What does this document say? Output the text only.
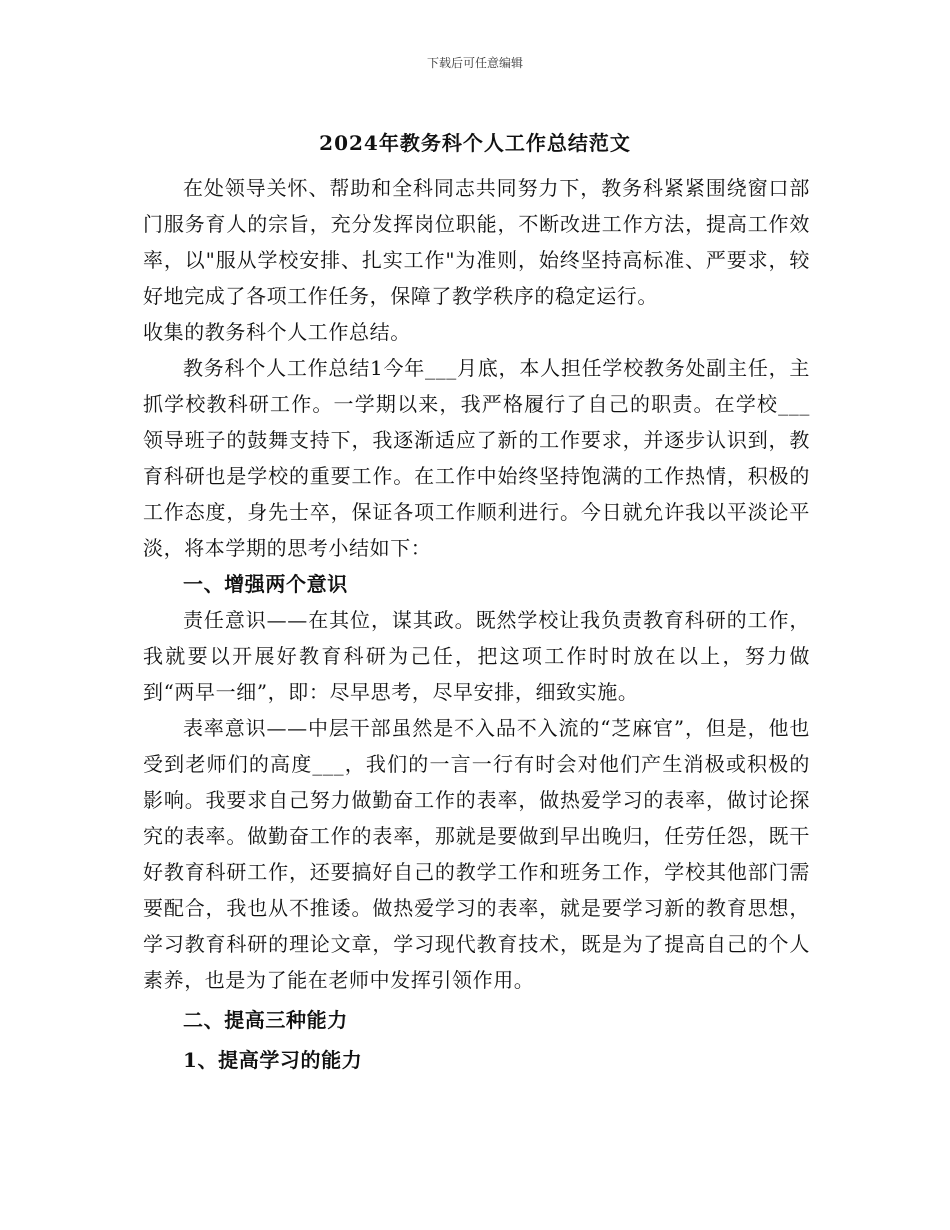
下载后可任意编辑
2024年教务科个人工作总结范文

在处领导关怀、帮助和全科同志共同努力下，教务科紧紧围绕窗口部门服务育人的宗旨，充分发挥岗位职能，不断改进工作方法，提高工作效率，以"服从学校安排、扎实工作"为准则，始终坚持高标准、严要求，较好地完成了各项工作任务，保障了教学秩序的稳定运行。

收集的教务科个人工作总结。

教务科个人工作总结1今年___月底，本人担任学校教务处副主任，主抓学校教科研工作。一学期以来，我严格履行了自己的职责。在学校___领导班子的鼓舞支持下，我逐渐适应了新的工作要求，并逐步认识到，教育科研也是学校的重要工作。在工作中始终坚持饱满的工作热情，积极的工作态度，身先士卒，保证各项工作顺利进行。今日就允许我以平淡论平淡，将本学期的思考小结如下：

一、增强两个意识

责任意识——在其位，谋其政。既然学校让我负责教育科研的工作，我就要以开展好教育科研为己任，把这项工作时时放在以上，努力做到“两早一细”，即：尽早思考，尽早安排，细致实施。

表率意识——中层干部虽然是不入品不入流的“芝麻官”，但是，他也受到老师们的高度___，我们的一言一行有时会对他们产生消极或积极的影响。我要求自己努力做勤奋工作的表率，做热爱学习的表率，做讨论探究的表率。做勤奋工作的表率，那就是要做到早出晚归，任劳任怨，既干好教育科研工作，还要搞好自己的教学工作和班务工作，学校其他部门需要配合，我也从不推诿。做热爱学习的表率，就是要学习新的教育思想，学习教育科研的理论文章，学习现代教育技术，既是为了提高自己的个人素养，也是为了能在老师中发挥引领作用。

二、提高三种能力

1、提高学习的能力
